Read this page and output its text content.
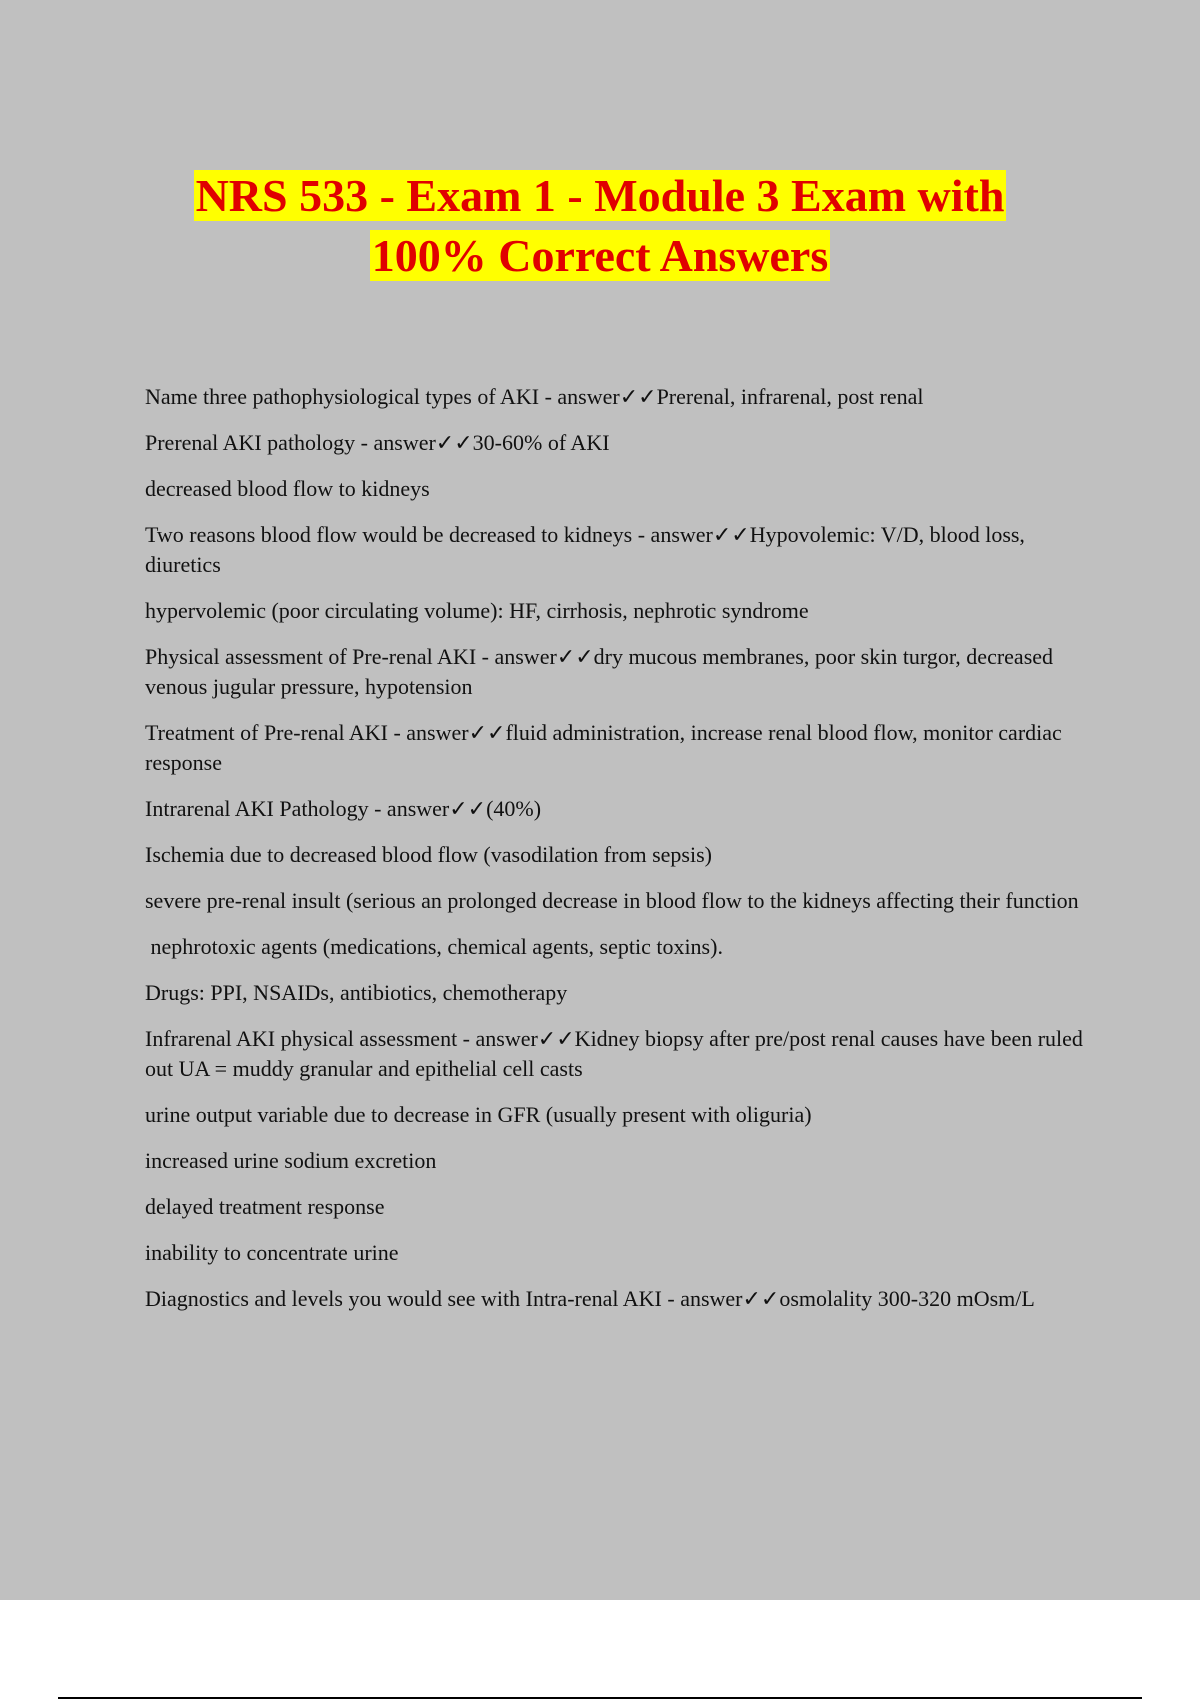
NRS 533 - Exam 1 - Module 3 Exam with
100% Correct Answers

Name three pathophysiological types of AKI - answer✓✓Prerenal, infrarenal, post renal

Prerenal AKI pathology - answer✓✓30-60% of AKI

decreased blood flow to kidneys

Two reasons blood flow would be decreased to kidneys - answer✓✓Hypovolemic: V/D, blood loss, diuretics

hypervolemic (poor circulating volume): HF, cirrhosis, nephrotic syndrome

Physical assessment of Pre-renal AKI - answer✓✓dry mucous membranes, poor skin turgor, decreased venous jugular pressure, hypotension

Treatment of Pre-renal AKI - answer✓✓fluid administration, increase renal blood flow, monitor cardiac response

Intrarenal AKI Pathology - answer✓✓(40%)

Ischemia due to decreased blood flow (vasodilation from sepsis)

severe pre-renal insult (serious an prolonged decrease in blood flow to the kidneys affecting their function

nephrotoxic agents (medications, chemical agents, septic toxins).

Drugs: PPI, NSAIDs, antibiotics, chemotherapy

Infrarenal AKI physical assessment - answer✓✓Kidney biopsy after pre/post renal causes have been ruled out UA = muddy granular and epithelial cell casts

urine output variable due to decrease in GFR (usually present with oliguria)

increased urine sodium excretion

delayed treatment response

inability to concentrate urine

Diagnostics and levels you would see with Intra-renal AKI - answer✓✓osmolality 300-320 mOsm/L
